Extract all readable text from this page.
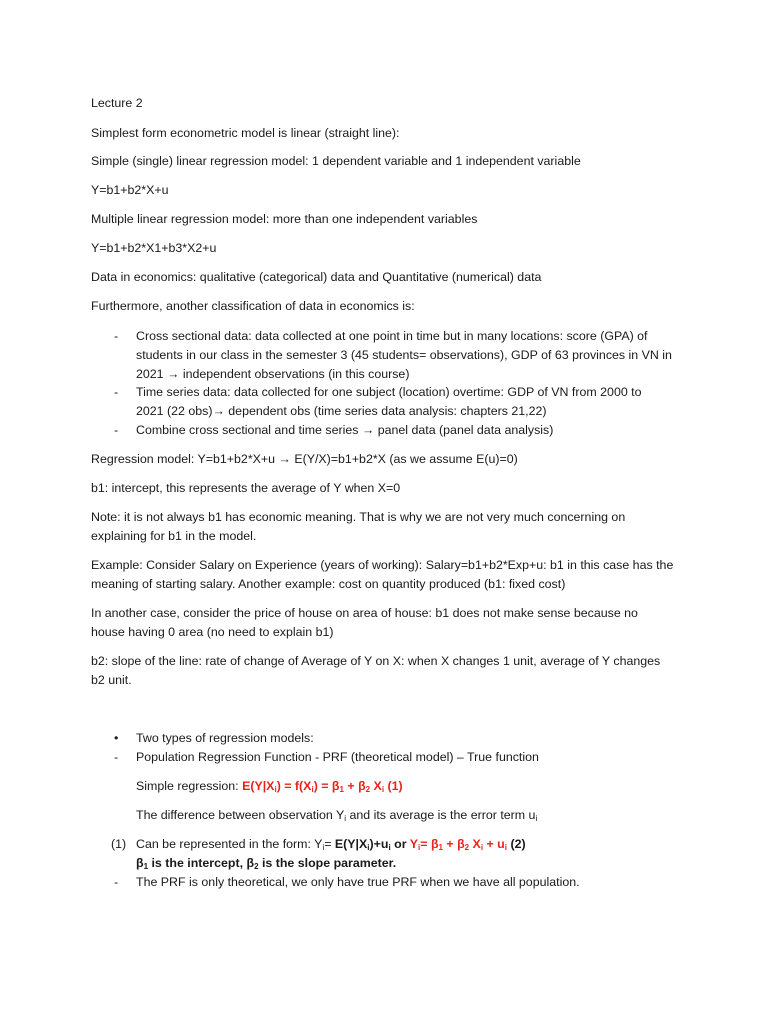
Lecture 2

Simplest form econometric model is linear (straight line):

Simple (single) linear regression model: 1 dependent variable and 1 independent variable

Y=b1+b2*X+u

Multiple linear regression model: more than one independent variables

Y=b1+b2*X1+b3*X2+u

Data in economics: qualitative (categorical) data and Quantitative (numerical) data

Furthermore, another classification of data in economics is:

- Cross sectional data: data collected at one point in time but in many locations: score (GPA) of
students in our class in the semester 3 (45 students= observations), GDP of 63 provinces in VN in
2021 → independent observations (in this course)
- Time series data: data collected for one subject (location) overtime: GDP of VN from 2000 to
2021 (22 obs)→ dependent obs (time series data analysis: chapters 21,22)
- Combine cross sectional and time series → panel data (panel data analysis)

Regression model: Y=b1+b2*X+u → E(Y/X)=b1+b2*X (as we assume E(u)=0)

b1: intercept, this represents the average of Y when X=0

Note: it is not always b1 has economic meaning. That is why we are not very much concerning on

explaining for b1 in the model.

Example: Consider Salary on Experience (years of working): Salary=b1+b2*Exp+u: b1 in this case has the

meaning of starting salary. Another example: cost on quantity produced (b1: fixed cost)

In another case, consider the price of house on area of house: b1 does not make sense because no

house having 0 area (no need to explain b1)

b2: slope of the line: rate of change of Average of Y on X: when X changes 1 unit, average of Y changes

b2 unit.

• Two types of regression models:
- Population Regression Function - PRF (theoretical model) – True function

Simple regression: $E(Y|X_i) = f(X_i) = \beta_1 + \beta_2$ $X_i$ (1)

The difference between observation $Y_i$ and its average is the error term $u_i$

(1) Can be represented in the form: $Y_i= E(Y|X_i)+u_i$ or $Y_i= \beta_1 + \beta_2$ $X_i + u_i$ (2)
$\beta_1$ is the intercept, $\beta_2$ is the slope parameter.
- The PRF is only theoretical, we only have true PRF when we have all population.
